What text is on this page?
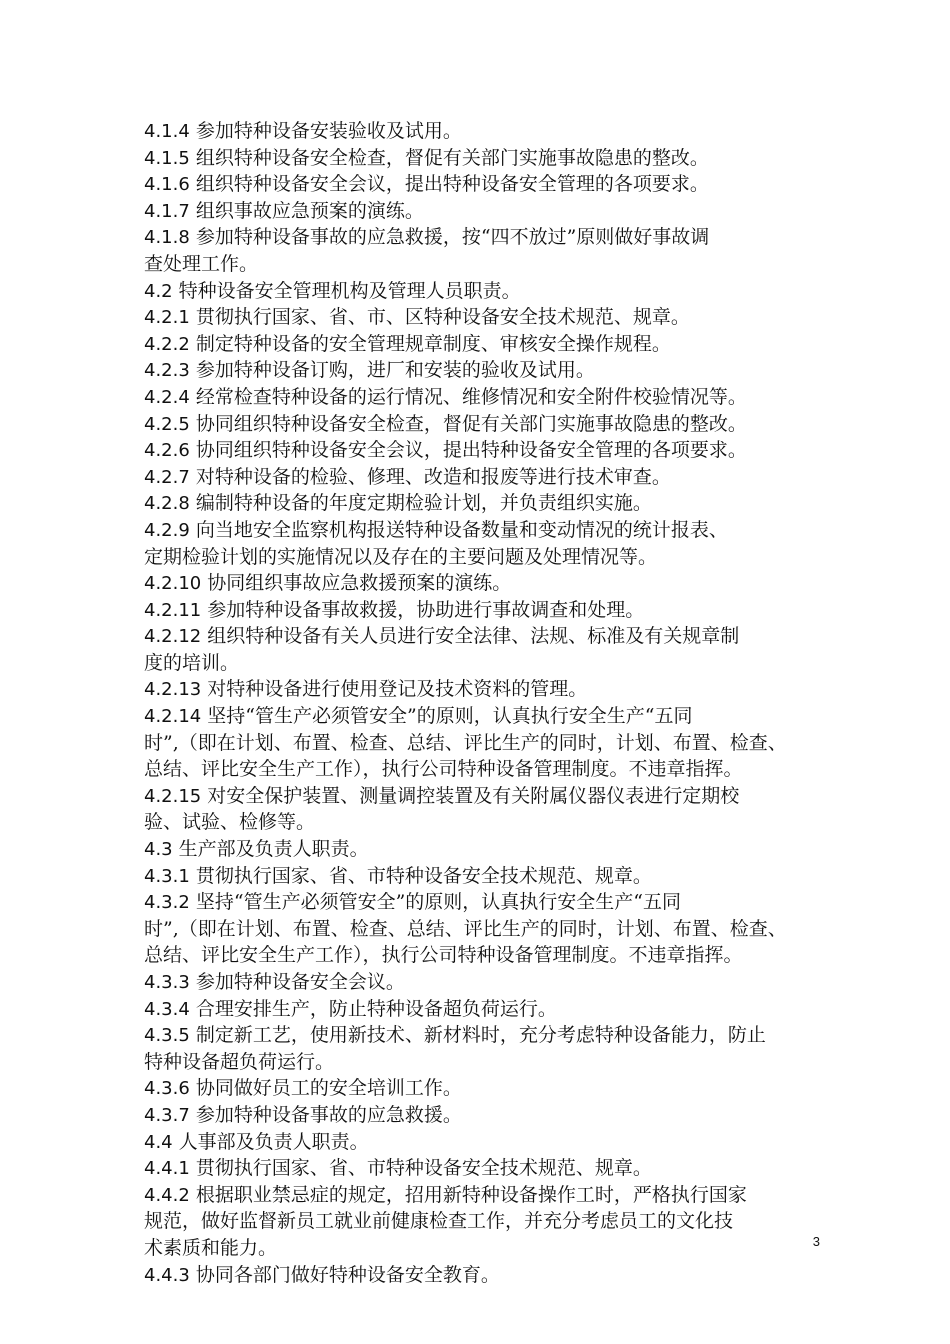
4.1.4 参加特种设备安装验收及试用。
4.1.5 组织特种设备安全检查，督促有关部门实施事故隐患的整改。
4.1.6 组织特种设备安全会议，提出特种设备安全管理的各项要求。
4.1.7 组织事故应急预案的演练。
4.1.8 参加特种设备事故的应急救援，按“四不放过”原则做好事故调
查处理工作。
4.2 特种设备安全管理机构及管理人员职责。
4.2.1 贯彻执行国家、省、市、区特种设备安全技术规范、规章。
4.2.2 制定特种设备的安全管理规章制度、审核安全操作规程。
4.2.3 参加特种设备订购，进厂和安装的验收及试用。
4.2.4 经常检查特种设备的运行情况、维修情况和安全附件校验情况等。
4.2.5 协同组织特种设备安全检查，督促有关部门实施事故隐患的整改。
4.2.6 协同组织特种设备安全会议，提出特种设备安全管理的各项要求。
4.2.7 对特种设备的检验、修理、改造和报废等进行技术审查。
4.2.8 编制特种设备的年度定期检验计划，并负责组织实施。
4.2.9 向当地安全监察机构报送特种设备数量和变动情况的统计报表、
定期检验计划的实施情况以及存在的主要问题及处理情况等。
4.2.10 协同组织事故应急救援预案的演练。
4.2.11 参加特种设备事故救援，协助进行事故调查和处理。
4.2.12 组织特种设备有关人员进行安全法律、法规、标准及有关规章制
度的培训。
4.2.13 对特种设备进行使用登记及技术资料的管理。
4.2.14 坚持“管生产必须管安全”的原则，认真执行安全生产“五同
时”,（即在计划、布置、检查、总结、评比生产的同时，计划、布置、检查、
总结、评比安全生产工作），执行公司特种设备管理制度。不违章指挥。
4.2.15 对安全保护装置、测量调控装置及有关附属仪器仪表进行定期校
验、试验、检修等。
4.3 生产部及负责人职责。
4.3.1 贯彻执行国家、省、市特种设备安全技术规范、规章。
4.3.2 坚持“管生产必须管安全”的原则，认真执行安全生产“五同
时”,（即在计划、布置、检查、总结、评比生产的同时，计划、布置、检查、
总结、评比安全生产工作），执行公司特种设备管理制度。不违章指挥。
4.3.3 参加特种设备安全会议。
4.3.4 合理安排生产，防止特种设备超负荷运行。
4.3.5 制定新工艺，使用新技术、新材料时，充分考虑特种设备能力，防止
特种设备超负荷运行。
4.3.6 协同做好员工的安全培训工作。
4.3.7 参加特种设备事故的应急救援。
4.4 人事部及负责人职责。
4.4.1 贯彻执行国家、省、市特种设备安全技术规范、规章。
4.4.2 根据职业禁忌症的规定，招用新特种设备操作工时，严格执行国家
规范，做好监督新员工就业前健康检查工作，并充分考虑员工的文化技
术素质和能力。
4.4.3 协同各部门做好特种设备安全教育。
3
